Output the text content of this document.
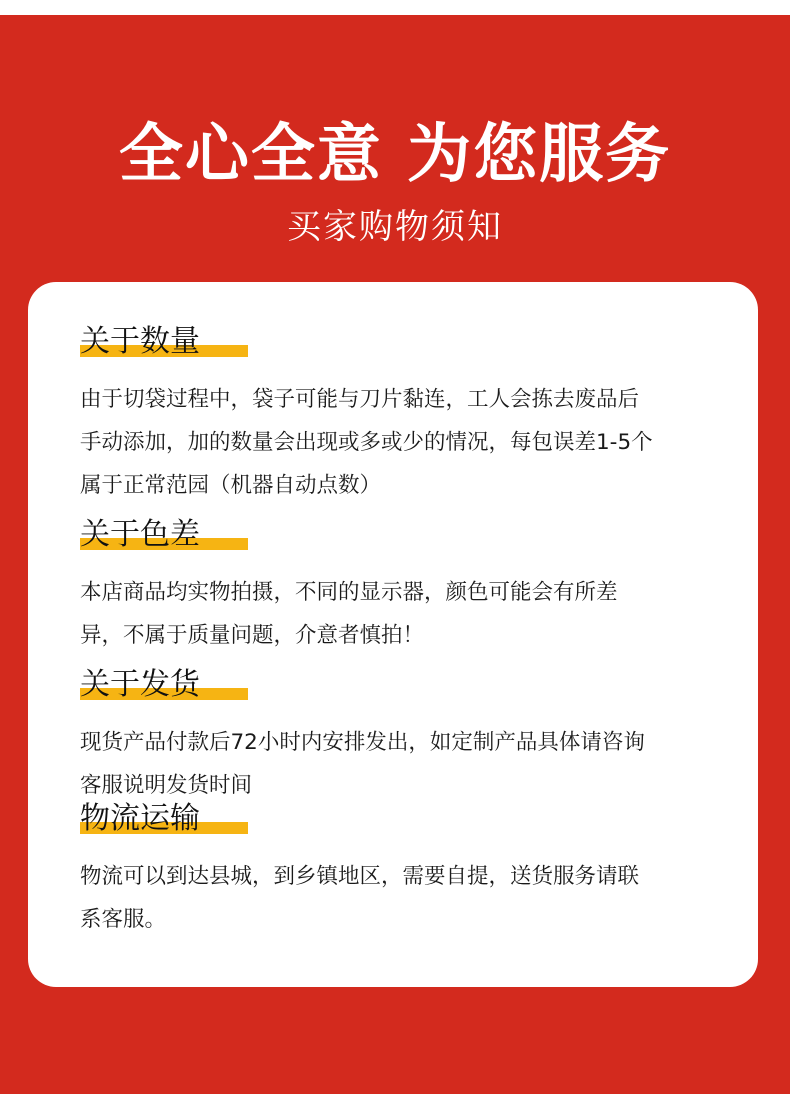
全心全意 为您服务
买家购物须知
关于数量
由于切袋过程中，袋子可能与刀片黏连，工人会拣去废品后
手动添加，加的数量会出现或多或少的情况，每包误差1-5个
属于正常范园（机器自动点数）
关于色差
本店商品均实物拍摄，不同的显示器，颜色可能会有所差
异，不属于质量问题，介意者慎拍！
关于发货
现货产品付款后72小时内安排发出，如定制产品具体请咨询
客服说明发货时间
物流运输
物流可以到达县城，到乡镇地区，需要自提，送货服务请联
系客服。
